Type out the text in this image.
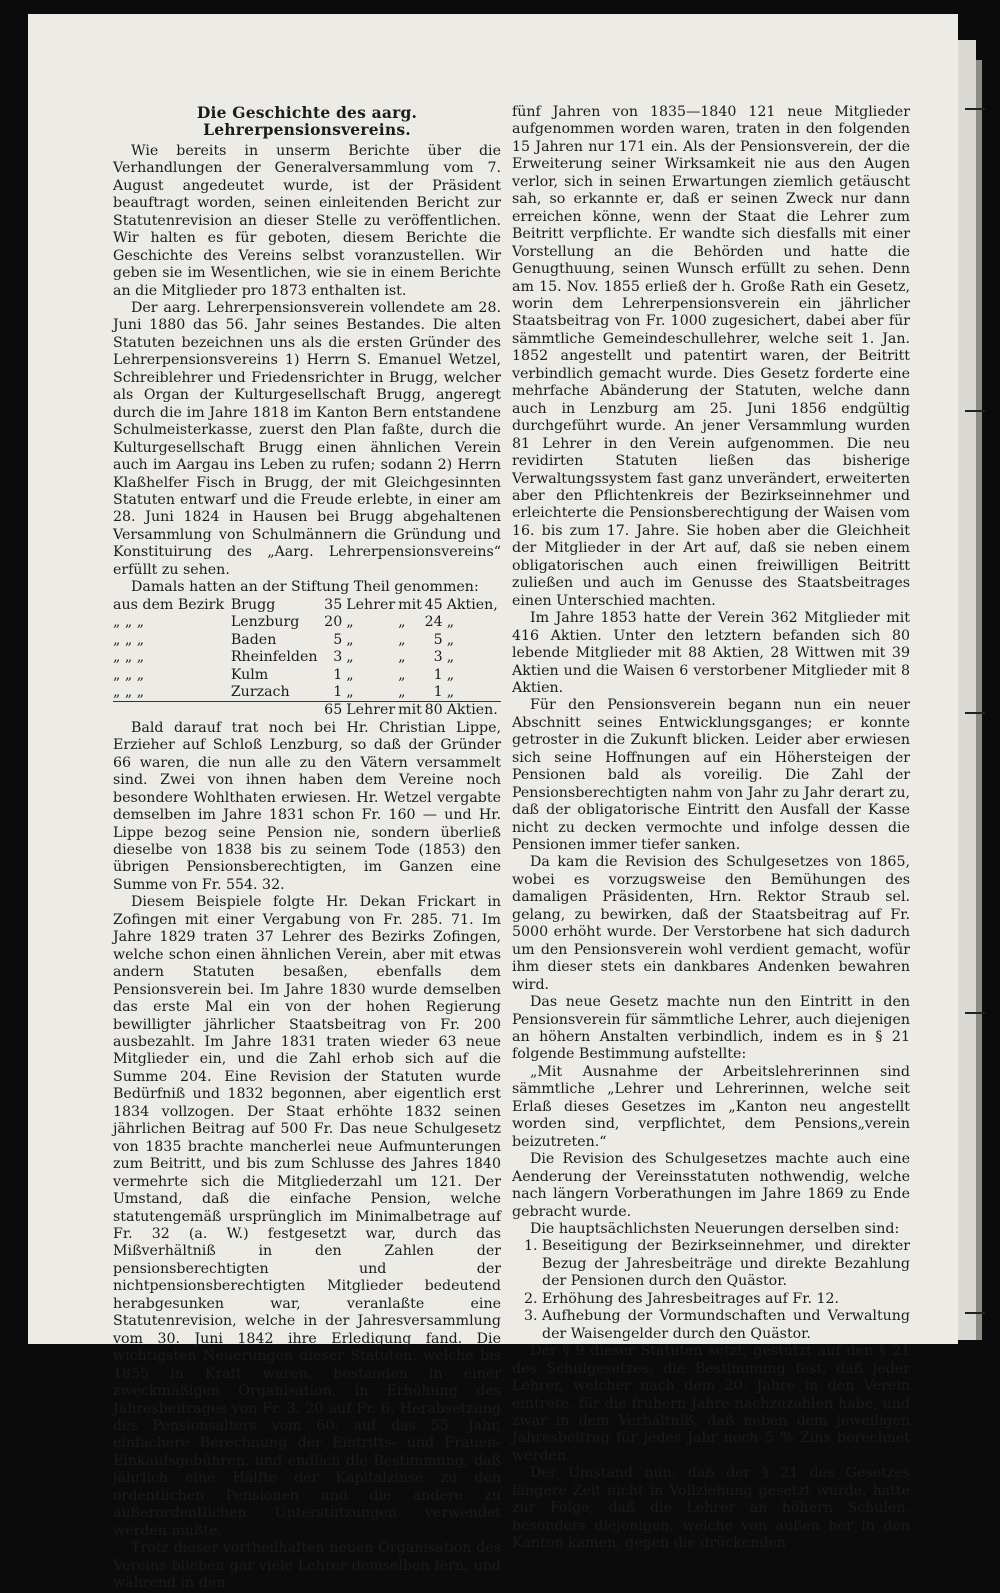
Die Geschichte des aarg. Lehrerpensionsvereins.

Wie bereits in unserm Berichte über die Verhandlungen der Generalversammlung vom 7. August angedeutet wurde, ist der Präsident beauftragt worden, seinen einleitenden Bericht zur Statutenrevision an dieser Stelle zu veröffentlichen. Wir halten es für geboten, diesem Berichte die Geschichte des Vereins selbst voranzustellen. Wir geben sie im Wesentlichen, wie sie in einem Berichte an die Mitglieder pro 1873 enthalten ist.

Der aarg. Lehrerpensionsverein vollendete am 28. Juni 1880 das 56. Jahr seines Bestandes. Die alten Statuten bezeichnen uns als die ersten Gründer des Lehrerpensionsvereins 1) Herrn S. Emanuel Wetzel, Schreiblehrer und Friedensrichter in Brugg, welcher als Organ der Kulturgesellschaft Brugg, angeregt durch die im Jahre 1818 im Kanton Bern entstandene Schulmeisterkasse, zuerst den Plan faßte, durch die Kulturgesellschaft Brugg einen ähnlichen Verein auch im Aargau ins Leben zu rufen; sodann 2) Herrn Klaßhelfer Fisch in Brugg, der mit Gleichgesinnten Statuten entwarf und die Freude erlebte, in einer am 28. Juni 1824 in Hausen bei Brugg abgehaltenen Versammlung von Schulmännern die Gründung und Konstituirung des „Aarg. Lehrerpensionsvereins“ erfüllt zu sehen.

Damals hatten an der Stiftung Theil genommen:

aus dem Bezirk	Brugg	35	Lehrer	mit	45	Aktien,
„ „ „	Lenzburg	20	„	„	24	„
„ „ „	Baden	5	„	„	5	„
„ „ „	Rheinfelden	3	„	„	3	„
„ „ „	Kulm	1	„	„	1	„
„ „ „	Zurzach	1	„	„	1	„
		65	Lehrer	mit	80	Aktien.

Bald darauf trat noch bei Hr. Christian Lippe, Erzieher auf Schloß Lenzburg, so daß der Gründer 66 waren, die nun alle zu den Vätern versammelt sind. Zwei von ihnen haben dem Vereine noch besondere Wohlthaten erwiesen. Hr. Wetzel vergabte demselben im Jahre 1831 schon Fr. 160 — und Hr. Lippe bezog seine Pension nie, sondern überließ dieselbe von 1838 bis zu seinem Tode (1853) den übrigen Pensionsberechtigten, im Ganzen eine Summe von Fr. 554. 32.

Diesem Beispiele folgte Hr. Dekan Frickart in Zofingen mit einer Vergabung von Fr. 285. 71. Im Jahre 1829 traten 37 Lehrer des Bezirks Zofingen, welche schon einen ähnlichen Verein, aber mit etwas andern Statuten besaßen, ebenfalls dem Pensionsverein bei. Im Jahre 1830 wurde demselben das erste Mal ein von der hohen Regierung bewilligter jährlicher Staatsbeitrag von Fr. 200 ausbezahlt. Im Jahre 1831 traten wieder 63 neue Mitglieder ein, und die Zahl erhob sich auf die Summe 204. Eine Revision der Statuten wurde Bedürfniß und 1832 begonnen, aber eigentlich erst 1834 vollzogen. Der Staat erhöhte 1832 seinen jährlichen Beitrag auf 500 Fr. Das neue Schulgesetz von 1835 brachte mancherlei neue Aufmunterungen zum Beitritt, und bis zum Schlusse des Jahres 1840 vermehrte sich die Mitgliederzahl um 121. Der Umstand, daß die einfache Pension, welche statutengemäß ursprünglich im Minimalbetrage auf Fr. 32 (a. W.) festgesetzt war, durch das Mißverhältniß in den Zahlen der pensionsberechtigten und der nichtpensionsberechtigten Mitglieder bedeutend herabgesunken war, veranlaßte eine Statutenrevision, welche in der Jahresversammlung vom 30. Juni 1842 ihre Erledigung fand. Die wichtigsten Neuerungen dieser Statuten, welche bis 1855 in Kraft waren, bestanden in einer zweckmäßigen Organisation, in Erhöhung des Jahresbeitrages von Fr. 3. 20 auf Fr. 6, Herabsetzung des Pensionsalters vom 60. auf das 55. Jahr, einfachere Berechnung der Eintritts- und Frauen-Einkaufsgebühren, und endlich die Bestimmung, daß jährlich eine Hälfte der Kapitalzinse zu den ordentlichen Pensionen und die andere zu außerordentlichen Unterstützungen verwendet werden mußte.

Trotz dieser vortheilhaften neuen Organisation des Vereins blieben gar viele Lehrer demselben fern, und während in den

fünf Jahren von 1835—1840 121 neue Mitglieder aufgenommen worden waren, traten in den folgenden 15 Jahren nur 171 ein. Als der Pensionsverein, der die Erweiterung seiner Wirksamkeit nie aus den Augen verlor, sich in seinen Erwartungen ziemlich getäuscht sah, so erkannte er, daß er seinen Zweck nur dann erreichen könne, wenn der Staat die Lehrer zum Beitritt verpflichte. Er wandte sich diesfalls mit einer Vorstellung an die Behörden und hatte die Genugthuung, seinen Wunsch erfüllt zu sehen. Denn am 15. Nov. 1855 erließ der h. Große Rath ein Gesetz, worin dem Lehrerpensionsverein ein jährlicher Staatsbeitrag von Fr. 1000 zugesichert, dabei aber für sämmtliche Gemeindeschullehrer, welche seit 1. Jan. 1852 angestellt und patentirt waren, der Beitritt verbindlich gemacht wurde. Dies Gesetz forderte eine mehrfache Abänderung der Statuten, welche dann auch in Lenzburg am 25. Juni 1856 endgültig durchgeführt wurde. An jener Versammlung wurden 81 Lehrer in den Verein aufgenommen. Die neu revidirten Statuten ließen das bisherige Verwaltungssystem fast ganz unverändert, erweiterten aber den Pflichtenkreis der Bezirkseinnehmer und erleichterte die Pensionsberechtigung der Waisen vom 16. bis zum 17. Jahre. Sie hoben aber die Gleichheit der Mitglieder in der Art auf, daß sie neben einem obligatorischen auch einen freiwilligen Beitritt zuließen und auch im Genusse des Staatsbeitrages einen Unterschied machten.

Im Jahre 1853 hatte der Verein 362 Mitglieder mit 416 Aktien. Unter den letztern befanden sich 80 lebende Mitglieder mit 88 Aktien, 28 Wittwen mit 39 Aktien und die Waisen 6 verstorbener Mitglieder mit 8 Aktien.

Für den Pensionsverein begann nun ein neuer Abschnitt seines Entwicklungsganges; er konnte getroster in die Zukunft blicken. Leider aber erwiesen sich seine Hoffnungen auf ein Höhersteigen der Pensionen bald als voreilig. Die Zahl der Pensionsberechtigten nahm von Jahr zu Jahr derart zu, daß der obligatorische Eintritt den Ausfall der Kasse nicht zu decken vermochte und infolge dessen die Pensionen immer tiefer sanken.

Da kam die Revision des Schulgesetzes von 1865, wobei es vorzugsweise den Bemühungen des damaligen Präsidenten, Hrn. Rektor Straub sel. gelang, zu bewirken, daß der Staatsbeitrag auf Fr. 5000 erhöht wurde. Der Verstorbene hat sich dadurch um den Pensionsverein wohl verdient gemacht, wofür ihm dieser stets ein dankbares Andenken bewahren wird.

Das neue Gesetz machte nun den Eintritt in den Pensionsverein für sämmtliche Lehrer, auch diejenigen an höhern Anstalten verbindlich, indem es in § 21 folgende Bestimmung aufstellte:

„Mit Ausnahme der Arbeitslehrerinnen sind sämmtliche „Lehrer und Lehrerinnen, welche seit Erlaß dieses Gesetzes im „Kanton neu angestellt worden sind, verpflichtet, dem Pensions„verein beizutreten.“

Die Revision des Schulgesetzes machte auch eine Aenderung der Vereinsstatuten nothwendig, welche nach längern Vorberathungen im Jahre 1869 zu Ende gebracht wurde.

Die hauptsächlichsten Neuerungen derselben sind:

1. Beseitigung der Bezirkseinnehmer, und direkter Bezug der Jahresbeiträge und direkte Bezahlung der Pensionen durch den Quästor.
2. Erhöhung des Jahresbeitrages auf Fr. 12.
3. Aufhebung der Vormundschaften und Verwaltung der Waisengelder durch den Quästor.

Der § 9 dieser Statuten setzt, gestützt auf den § 21 des Schulgesetzes, die Bestimmung fest, daß jeder Lehrer, welcher nach dem 20. Jahre in den Verein eintrete, für die frühern Jahre nachzuzahlen habe, und zwar in dem Verhältniß, daß neben dem jeweiligen Jahresbeitrag für jedes Jahr noch 5 % Zins berechnet werden.

Der Umstand nun, daß der § 21 des Gesetzes längere Zeit nicht in Vollziehung gesetzt wurde, hatte zur Folge, daß die Lehrer an höhern Schulen, besonders diejenigen, welche von außen her in den Kanton kamen, gegen die drückenden
